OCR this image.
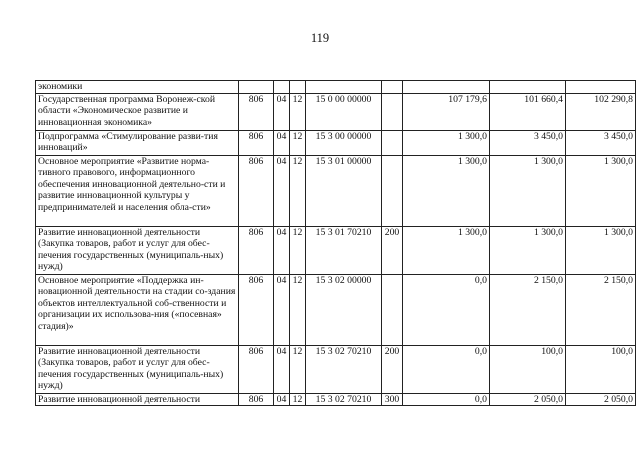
119
экономики								
Государственная программа Воронеж-ской области «Экономическое развитие и инновационная экономика»	806	04	12	15 0 00 00000		107 179,6	101 660,4	102 290,8
Подпрограмма «Стимулирование разви-тия инноваций»	806	04	12	15 3 00 00000		1 300,0	3 450,0	3 450,0
Основное мероприятие «Развитие норма-тивного правового, информационного обеспечения инновационной деятельно-сти и развитие инновационной культуры у предпринимателей и населения обла-сти»	806	04	12	15 3 01 00000		1 300,0	1 300,0	1 300,0
Развитие инновационной деятельности (Закупка товаров, работ и услуг для обес-печения государственных (муниципаль-ных) нужд)	806	04	12	15 3 01 70210	200	1 300,0	1 300,0	1 300,0
Основное мероприятие «Поддержка ин-новационной деятельности на стадии со-здания объектов интеллектуальной соб-ственности и организации их использова-ния («посевная» стадия)»	806	04	12	15 3 02 00000		0,0	2 150,0	2 150,0
Развитие инновационной деятельности (Закупка товаров, работ и услуг для обес-печения государственных (муниципаль-ных) нужд)	806	04	12	15 3 02 70210	200	0,0	100,0	100,0
Развитие инновационной деятельности	806	04	12	15 3 02 70210	300	0,0	2 050,0	2 050,0
